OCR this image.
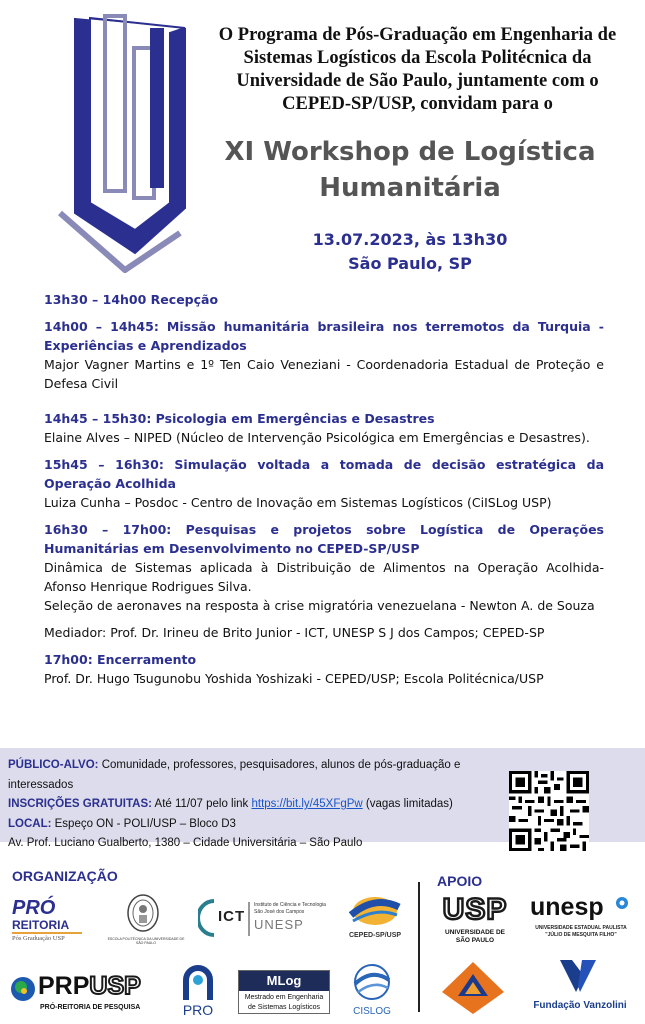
O Programa de Pós-Graduação em Engenharia de Sistemas Logísticos da Escola Politécnica da Universidade de São Paulo, juntamente com o CEPED-SP/USP, convidam para o
XI Workshop de Logística
Humanitária
13.07.2023, às 13h30
São Paulo, SP
13h30 – 14h00 Recepção
14h00 – 14h45: Missão humanitária brasileira nos terremotos da Turquia - Experiências e Aprendizados
Major Vagner Martins e 1º Ten Caio Veneziani - Coordenadoria Estadual de Proteção e Defesa Civil
14h45 – 15h30: Psicologia em Emergências e Desastres
Elaine Alves – NIPED (Núcleo de Intervenção Psicológica em Emergências e Desastres).
15h45 – 16h30: Simulação voltada a tomada de decisão estratégica da Operação Acolhida
Luiza Cunha – Posdoc - Centro de Inovação em Sistemas Logísticos (CiISLog USP)
16h30 – 17h00: Pesquisas e projetos sobre Logística de Operações Humanitárias em Desenvolvimento no CEPED-SP/USP
Dinâmica de Sistemas aplicada à Distribuição de Alimentos na Operação Acolhida- Afonso Henrique Rodrigues Silva.
Seleção de aeronaves na resposta à crise migratória venezuelana - Newton A. de Souza
Mediador: Prof. Dr. Irineu de Brito Junior - ICT, UNESP S J dos Campos; CEPED-SP
17h00: Encerramento
Prof. Dr. Hugo Tsugunobu Yoshida Yoshizaki - CEPED/USP; Escola Politécnica/USP
PÚBLICO-ALVO: Comunidade, professores, pesquisadores, alunos de pós-graduação e interessados
INSCRIÇÕES GRATUITAS: Até 11/07 pelo link https://bit.ly/45XFgPw (vagas limitadas)
LOCAL: Espeço ON - POLI/USP – Bloco D3
Av. Prof. Luciano Gualberto, 1380 – Cidade Universitária – São Paulo
ORGANIZAÇÃO	APOIO
PRÓ
REITORIA
Pós Graduação USP	ESCOLA POLITÉCNICA DA UNIVERSIDADE DE SÃO PAULO
ICT
Instituto de Ciência e Tecnologia
São José dos Campos
UNESP
CEPED-SP/USP
USP
UNIVERSIDADE DE
SÃO PAULO
unesp
UNIVERSIDADE ESTADUAL PAULISTA
"JÚLIO DE MESQUITA FILHO"
PRPUSP
PRÓ-REITORIA DE PESQUISA	PRO
MLog
Mestrado em Engenharia
de Sistemas Logísticos	CISLOG
Fundação Vanzolini
